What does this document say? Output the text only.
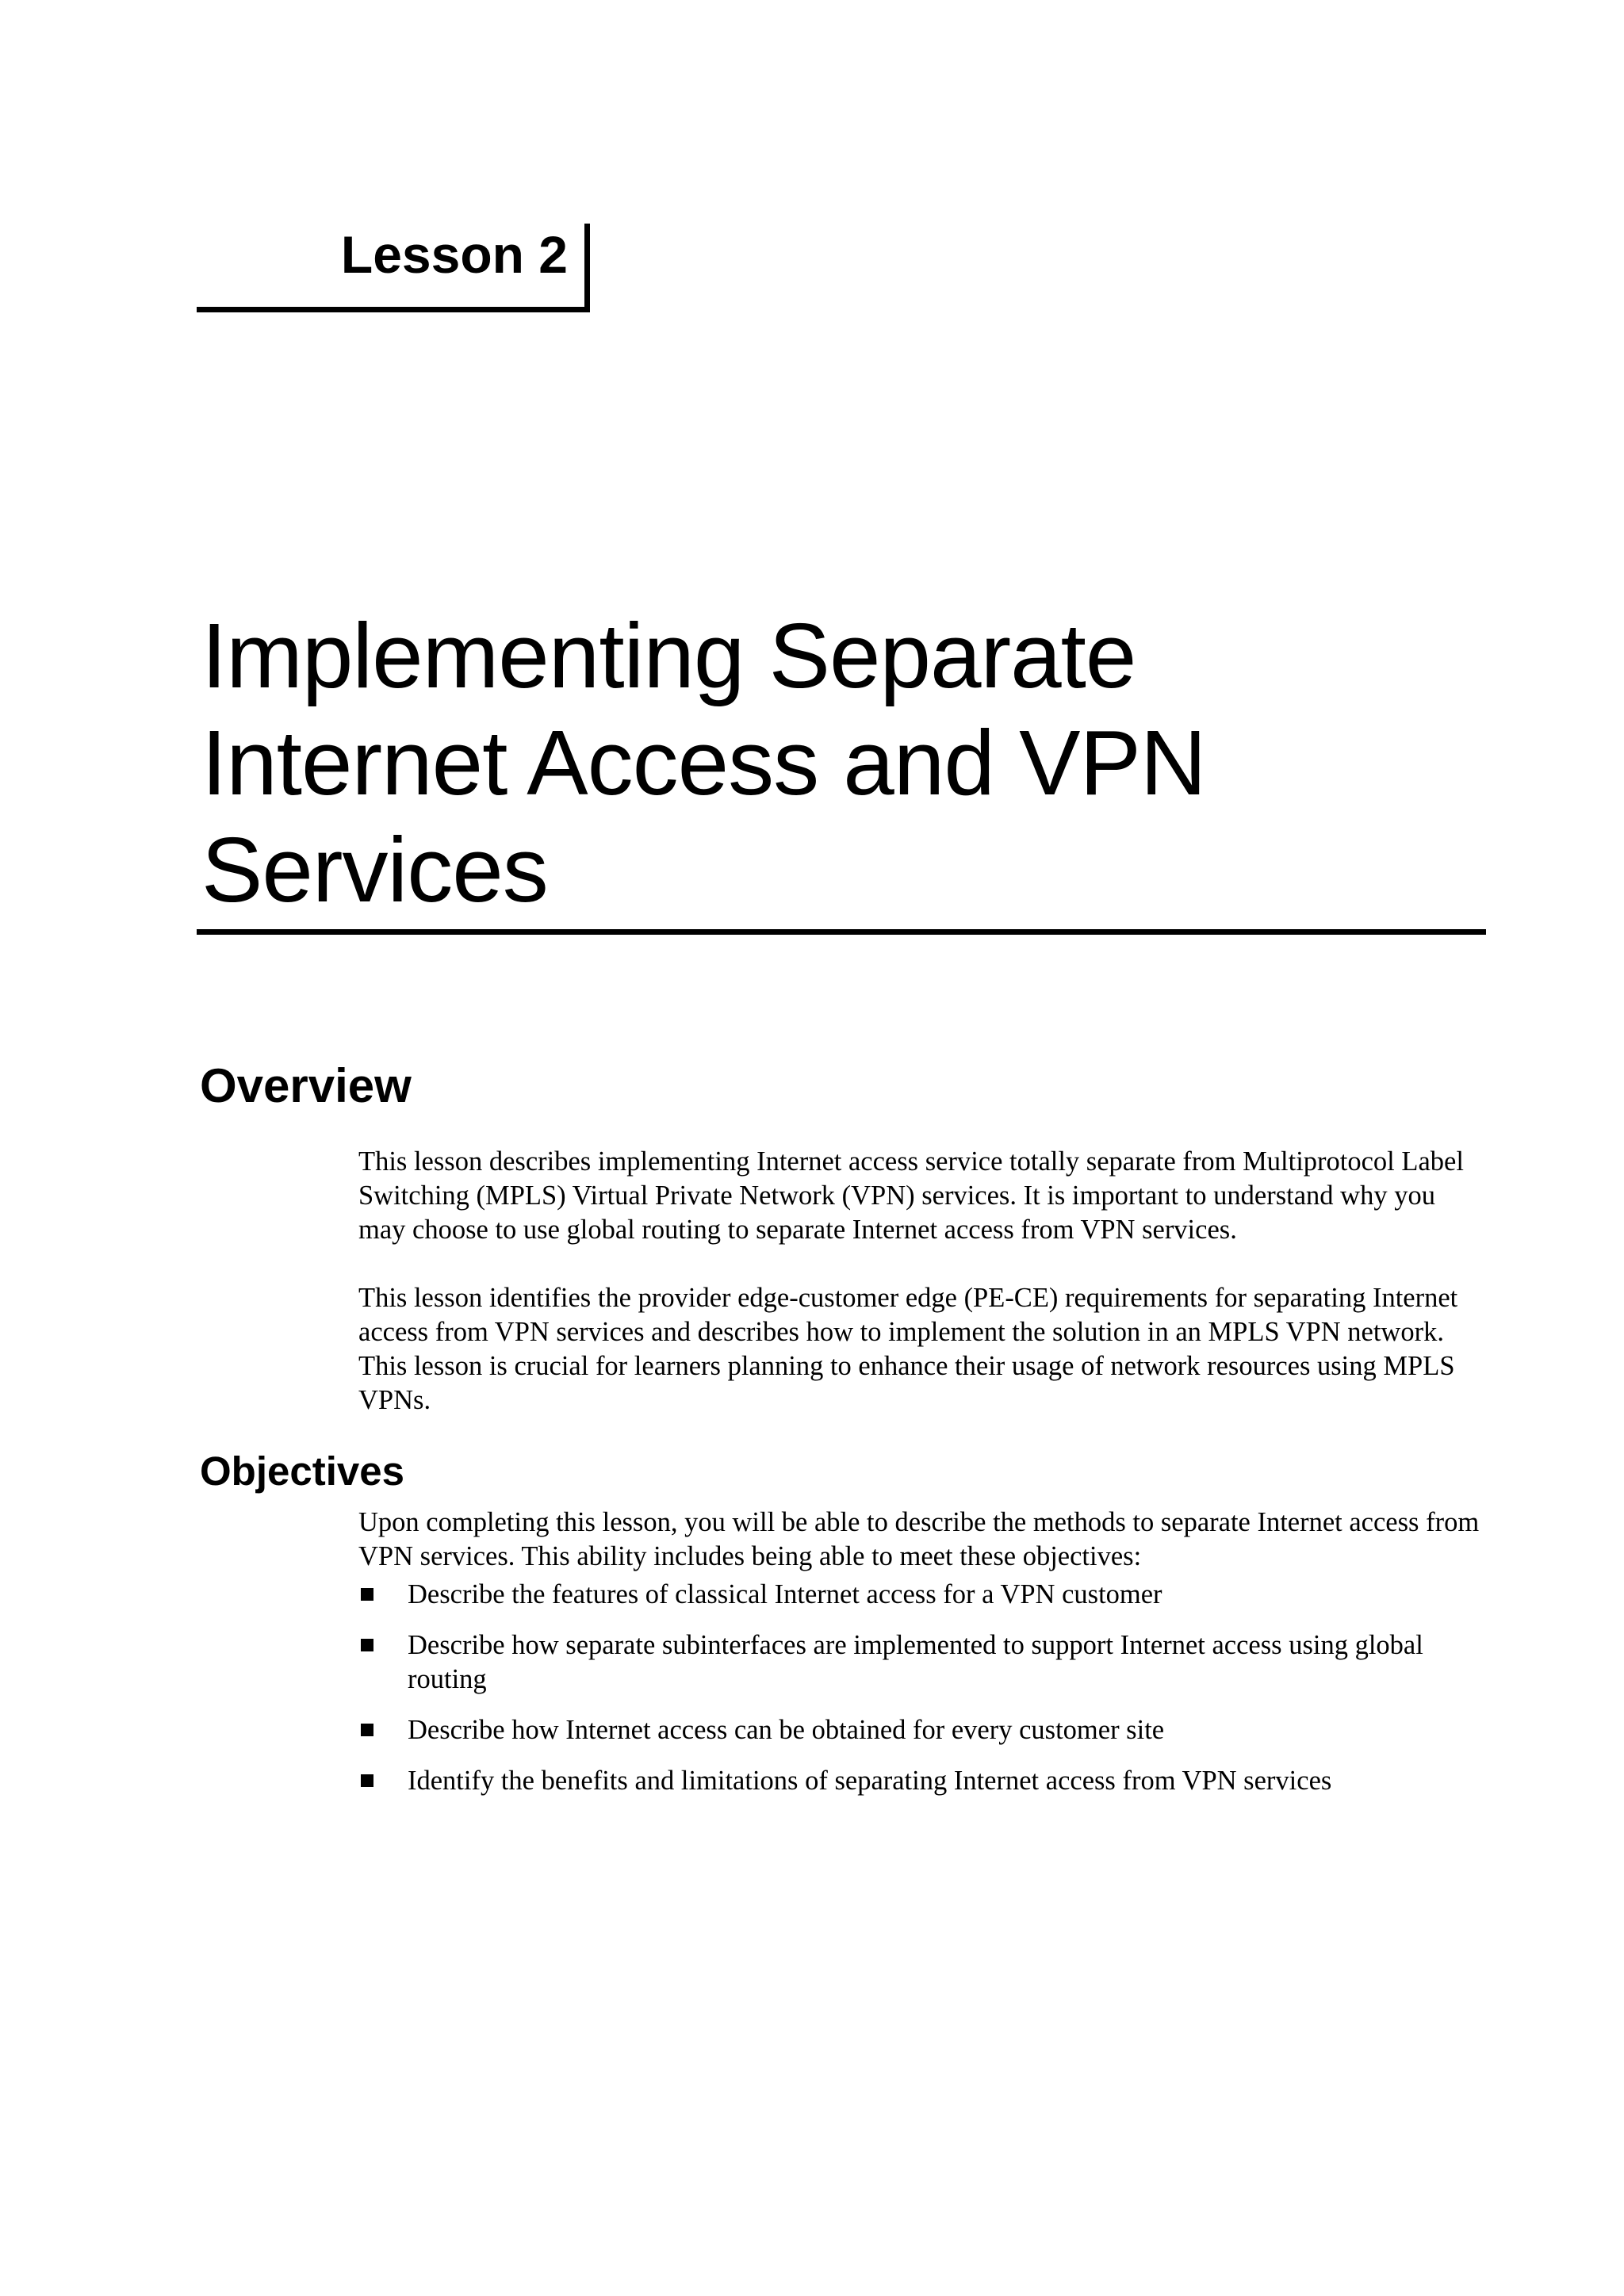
Lesson 2
Implementing Separate
Internet Access and VPN
Services
Overview

This lesson describes implementing Internet access service totally separate from Multiprotocol Label Switching (MPLS) Virtual Private Network (VPN) services. It is important to understand why you may choose to use global routing to separate Internet access from VPN services.

This lesson identifies the provider edge-customer edge (PE-CE) requirements for separating Internet access from VPN services and describes how to implement the solution in an MPLS VPN network. This lesson is crucial for learners planning to enhance their usage of network resources using MPLS VPNs.

Objectives

Upon completing this lesson, you will be able to describe the methods to separate Internet access from VPN services. This ability includes being able to meet these objectives:

Describe the features of classical Internet access for a VPN customer
Describe how separate subinterfaces are implemented to support Internet access using global routing
Describe how Internet access can be obtained for every customer site
Identify the benefits and limitations of separating Internet access from VPN services
